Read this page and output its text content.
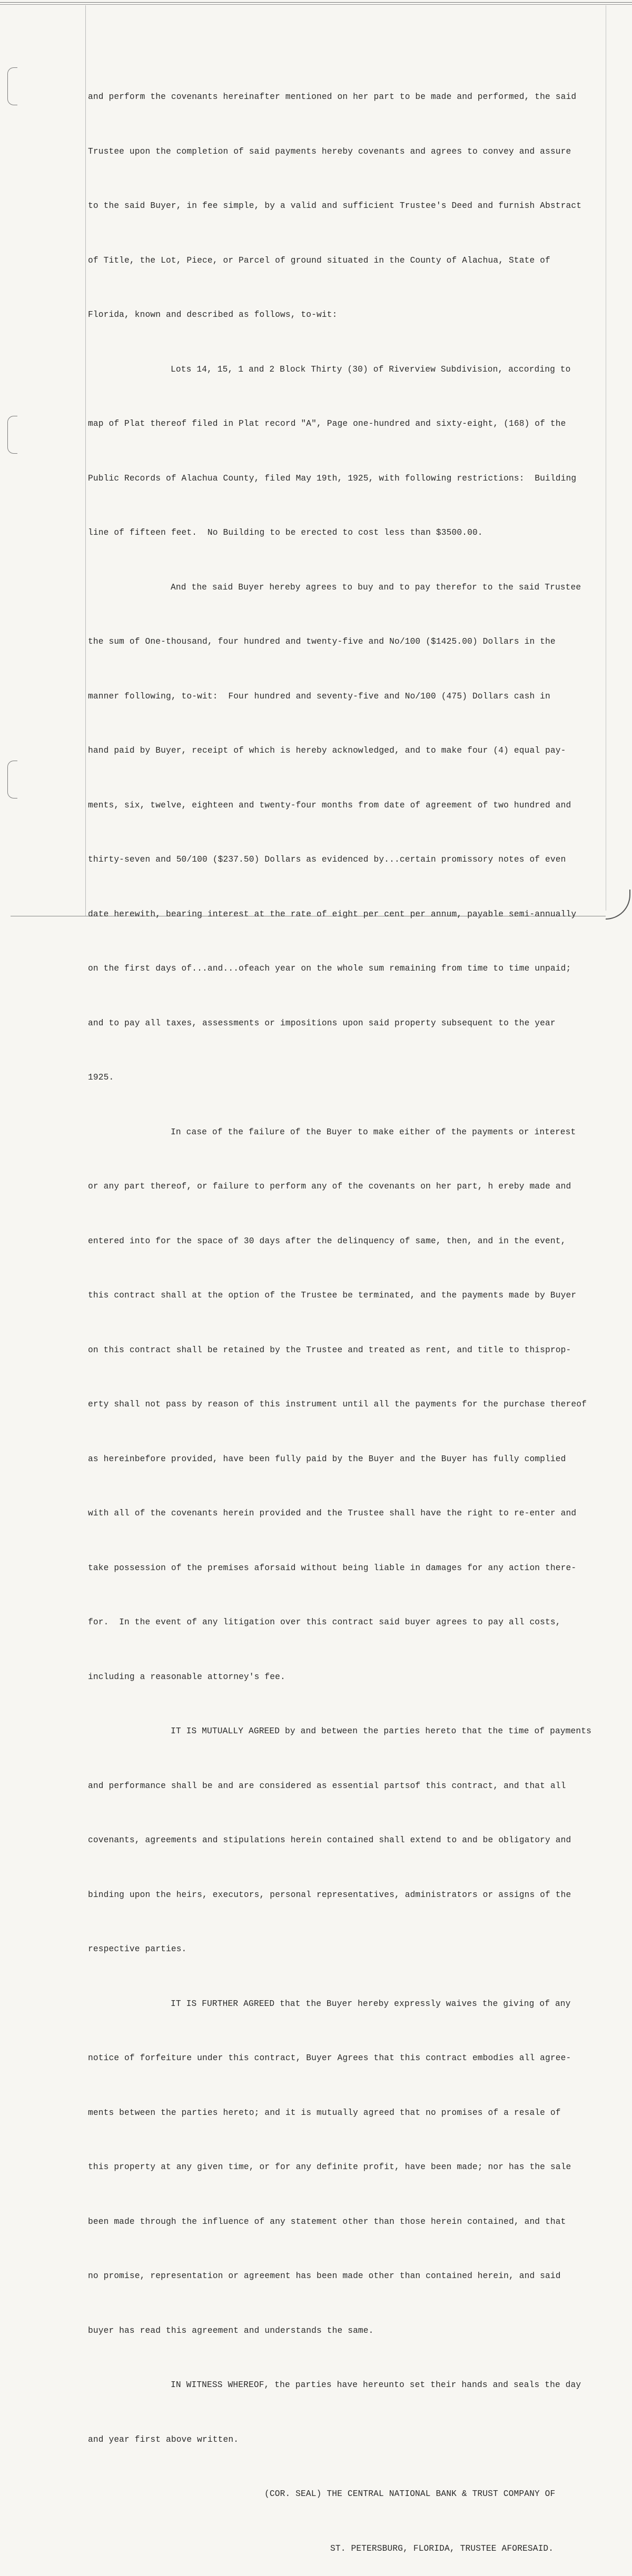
and perform the covenants hereinafter mentioned on her part to be made and performed, the said

Trustee upon the completion of said payments hereby covenants and agrees to convey and assure

to the said Buyer, in fee simple, by a valid and sufficient Trustee's Deed and furnish Abstract

of Title, the Lot, Piece, or Parcel of ground situated in the County of Alachua, State of

Florida, known and described as follows, to-wit:

Lots 14, 15, 1 and 2 Block Thirty (30) of Riverview Subdivision, according to

map of Plat thereof filed in Plat record "A", Page one-hundred and sixty-eight, (168) of the

Public Records of Alachua County, filed May 19th, 1925, with following restrictions:  Building

line of fifteen feet.  No Building to be erected to cost less than $3500.00.

And the said Buyer hereby agrees to buy and to pay therefor to the said Trustee

the sum of One-thousand, four hundred and twenty-five and No/100 ($1425.00) Dollars in the

manner following, to-wit:  Four hundred and seventy-five and No/100 (475) Dollars cash in

hand paid by Buyer, receipt of which is hereby acknowledged, and to make four (4) equal pay-

ments, six, twelve, eighteen and twenty-four months from date of agreement of two hundred and

thirty-seven and 50/100 ($237.50) Dollars as evidenced by...certain promissory notes of even

date herewith, bearing interest at the rate of eight per cent per annum, payable semi-annually

on the first days of...and...ofeach year on the whole sum remaining from time to time unpaid;

and to pay all taxes, assessments or impositions upon said property subsequent to the year

1925.

In case of the failure of the Buyer to make either of the payments or interest

or any part thereof, or failure to perform any of the covenants on her part, h ereby made and

entered into for the space of 30 days after the delinquency of same, then, and in the event,

this contract shall at the option of the Trustee be terminated, and the payments made by Buyer

on this contract shall be retained by the Trustee and treated as rent, and title to thisprop-

erty shall not pass by reason of this instrument until all the payments for the purchase thereof

as hereinbefore provided, have been fully paid by the Buyer and the Buyer has fully complied

with all of the covenants herein provided and the Trustee shall have the right to re-enter and

take possession of the premises aforsaid without being liable in damages for any action there-

for.  In the event of any litigation over this contract said buyer agrees to pay all costs,

including a reasonable attorney's fee.

IT IS MUTUALLY AGREED by and between the parties hereto that the time of payments

and performance shall be and are considered as essential partsof this contract, and that all

covenants, agreements and stipulations herein contained shall extend to and be obligatory and

binding upon the heirs, executors, personal representatives, administrators or assigns of the

respective parties.

IT IS FURTHER AGREED that the Buyer hereby expressly waives the giving of any

notice of forfeiture under this contract, Buyer Agrees that this contract embodies all agree-

ments between the parties hereto; and it is mutually agreed that no promises of a resale of

this property at any given time, or for any definite profit, have been made; nor has the sale

been made through the influence of any statement other than those herein contained, and that

no promise, representation or agreement has been made other than contained herein, and said

buyer has read this agreement and understands the same.

IN WITNESS WHEREOF, the parties have hereunto set their hands and seals the day

and year first above written.

(COR. SEAL) THE CENTRAL NATIONAL BANK & TRUST COMPANY OF

ST. PETERSBURG, FLORIDA, TRUSTEE AFORESAID.
